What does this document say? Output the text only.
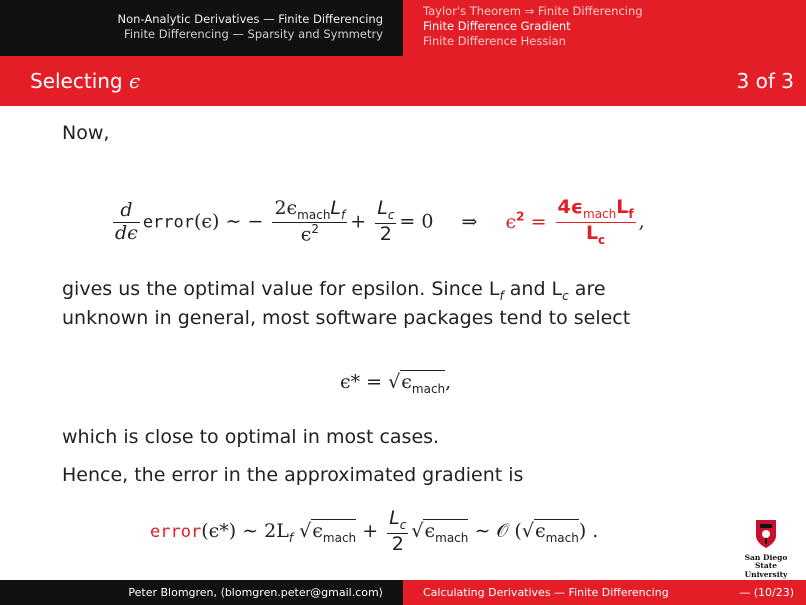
Non-Analytic Derivatives — Finite Differencing
Finite Differencing — Sparsity and Symmetry
Taylor's Theorem ⇒ Finite Differencing
Finite Difference Gradient
Finite Difference Hessian
Selecting ϵ	3 of 3
Now,
$\frac{d}{d\epsilon}$ error(ϵ) ∼ − $\frac{2\epsilon_{mach}L_f}{\epsilon^2} + \frac{L_c}{2} = 0$ ⇒ $\epsilon^2 = \frac{4\epsilon_{mach}L_f}{L_c}$ ,
gives us the optimal value for epsilon. Since $L_f$ and $L_c$ are
unknown in general, most software packages tend to select
$\epsilon* = √\epsilon_{mach}$,
which is close to optimal in most cases.
Hence, the error in the approximated gradient is
error(ϵ*) ∼ $2L_f$ $√\epsilon_{mach} + \frac{L_c}{2} √\epsilon_{mach}$ ∼ 𝒪 $(√\epsilon_{mach})$ .
San Diego State
University
Peter Blomgren, ⟨blomgren.peter@gmail.com⟩	Calculating Derivatives — Finite Differencing	— (10/23)
